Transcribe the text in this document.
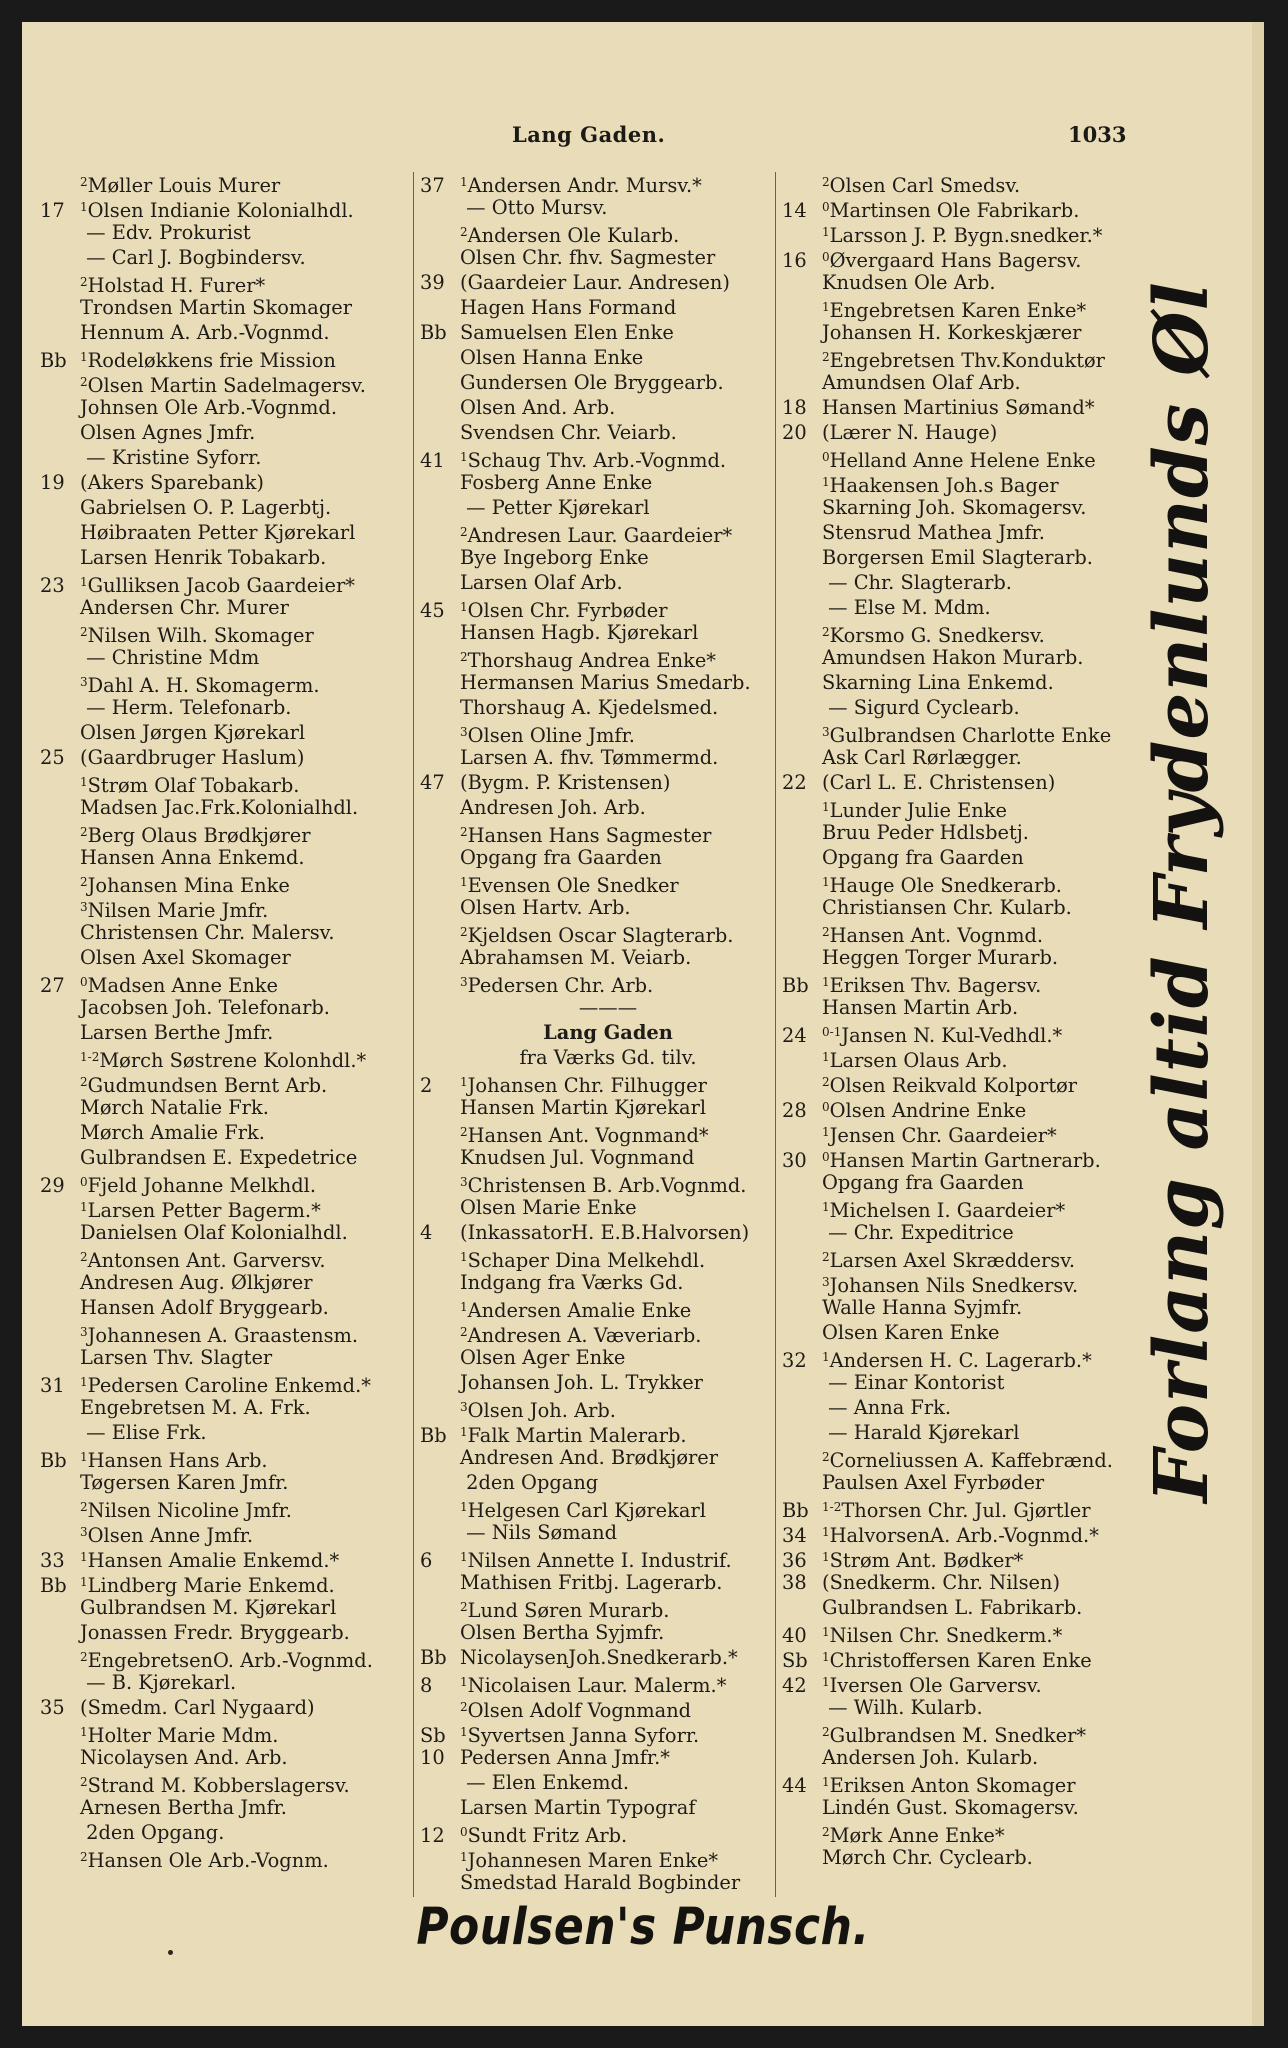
Lang Gaden.	1033
$^2$Møller Louis Murer
17 $^1$Olsen Indianie Kolonialhdl.
— Edv. Prokurist
— Carl J. Bogbindersv.
$^2$Holstad H. Furer*
Trondsen Martin Skomager
Hennum A. Arb.-Vognmd.
Bb $^1$Rodeløkkens frie Mission
$^2$Olsen Martin Sadelmagersv.
Johnsen Ole Arb.-Vognmd.
Olsen Agnes Jmfr.
— Kristine Syforr.
19 (Akers Sparebank)
Gabrielsen O. P. Lagerbtj.
Høibraaten Petter Kjørekarl
Larsen Henrik Tobakarb.
23 $^1$Gulliksen Jacob Gaardeier*
Andersen Chr. Murer
$^2$Nilsen Wilh. Skomager
— Christine Mdm
$^3$Dahl A. H. Skomagerm.
— Herm. Telefonarb.
Olsen Jørgen Kjørekarl
25 (Gaardbruger Haslum)
$^1$Strøm Olaf Tobakarb.
Madsen Jac.Frk.Kolonialhdl.
$^2$Berg Olaus Brødkjører
Hansen Anna Enkemd.
$^2$Johansen Mina Enke
$^3$Nilsen Marie Jmfr.
Christensen Chr. Malersv.
Olsen Axel Skomager
27 $^0$Madsen Anne Enke
Jacobsen Joh. Telefonarb.
Larsen Berthe Jmfr.
$^{1-2}$Mørch Søstrene Kolonhdl.*
$^2$Gudmundsen Bernt Arb.
Mørch Natalie Frk.
Mørch Amalie Frk.
Gulbrandsen E. Expedetrice
29 $^0$Fjeld Johanne Melkhdl.
$^1$Larsen Petter Bagerm.*
Danielsen Olaf Kolonialhdl.
$^2$Antonsen Ant. Garversv.
Andresen Aug. Ølkjører
Hansen Adolf Bryggearb.
$^3$Johannesen A. Graastensm.
Larsen Thv. Slagter
31 $^1$Pedersen Caroline Enkemd.*
Engebretsen M. A. Frk.
— Elise Frk.
Bb $^1$Hansen Hans Arb.
Tøgersen Karen Jmfr.
$^2$Nilsen Nicoline Jmfr.
$^3$Olsen Anne Jmfr.
33 $^1$Hansen Amalie Enkemd.*
Bb $^1$Lindberg Marie Enkemd.
Gulbrandsen M. Kjørekarl
Jonassen Fredr. Bryggearb.
$^2$EngebretsenO. Arb.-Vognmd.
— B. Kjørekarl.
35 (Smedm. Carl Nygaard)
$^1$Holter Marie Mdm.
Nicolaysen And. Arb.
$^2$Strand M. Kobberslagersv.
Arnesen Bertha Jmfr.
2den Opgang.
$^2$Hansen Ole Arb.-Vognm.
37 $^1$Andersen Andr. Mursv.*
— Otto Mursv.
$^2$Andersen Ole Kularb.
Olsen Chr. fhv. Sagmester
39 (Gaardeier Laur. Andresen)
Hagen Hans Formand
Bb Samuelsen Elen Enke
Olsen Hanna Enke
Gundersen Ole Bryggearb.
Olsen And. Arb.
Svendsen Chr. Veiarb.
41 $^1$Schaug Thv. Arb.-Vognmd.
Fosberg Anne Enke
— Petter Kjørekarl
$^2$Andresen Laur. Gaardeier*
Bye Ingeborg Enke
Larsen Olaf Arb.
45 $^1$Olsen Chr. Fyrbøder
Hansen Hagb. Kjørekarl
$^2$Thorshaug Andrea Enke*
Hermansen Marius Smedarb.
Thorshaug A. Kjedelsmed.
$^3$Olsen Oline Jmfr.
Larsen A. fhv. Tømmermd.
47 (Bygm. P. Kristensen)
Andresen Joh. Arb.
$^2$Hansen Hans Sagmester
Opgang fra Gaarden
$^1$Evensen Ole Snedker
Olsen Hartv. Arb.
$^2$Kjeldsen Oscar Slagterarb.
Abrahamsen M. Veiarb.
$^3$Pedersen Chr. Arb.
———
Lang Gaden
fra Værks Gd. tilv.
2 $^1$Johansen Chr. Filhugger
Hansen Martin Kjørekarl
$^2$Hansen Ant. Vognmand*
Knudsen Jul. Vognmand
$^3$Christensen B. Arb.Vognmd.
Olsen Marie Enke
4 (InkassatorH. E.B.Halvorsen)
$^1$Schaper Dina Melkehdl.
Indgang fra Værks Gd.
$^1$Andersen Amalie Enke
$^2$Andresen A. Væveriarb.
Olsen Ager Enke
Johansen Joh. L. Trykker
$^3$Olsen Joh. Arb.
Bb $^1$Falk Martin Malerarb.
Andresen And. Brødkjører
2den Opgang
$^1$Helgesen Carl Kjørekarl
— Nils Sømand
6 $^1$Nilsen Annette I. Industrif.
Mathisen Fritbj. Lagerarb.
$^2$Lund Søren Murarb.
Olsen Bertha Syjmfr.
Bb NicolaysenJoh.Snedkerarb.*
8 $^1$Nicolaisen Laur. Malerm.*
$^2$Olsen Adolf Vognmand
Sb $^1$Syvertsen Janna Syforr.
10 Pedersen Anna Jmfr.*
— Elen Enkemd.
Larsen Martin Typograf
12 $^0$Sundt Fritz Arb.
$^1$Johannesen Maren Enke*
Smedstad Harald Bogbinder
$^2$Olsen Carl Smedsv.
14 $^0$Martinsen Ole Fabrikarb.
$^1$Larsson J. P. Bygn.snedker.*
16 $^0$Øvergaard Hans Bagersv.
Knudsen Ole Arb.
$^1$Engebretsen Karen Enke*
Johansen H. Korkeskjærer
$^2$Engebretsen Thv.Konduktør
Amundsen Olaf Arb.
18 Hansen Martinius Sømand*
20 (Lærer N. Hauge)
$^0$Helland Anne Helene Enke
$^1$Haakensen Joh.s Bager
Skarning Joh. Skomagersv.
Stensrud Mathea Jmfr.
Borgersen Emil Slagterarb.
— Chr. Slagterarb.
— Else M. Mdm.
$^2$Korsmo G. Snedkersv.
Amundsen Hakon Murarb.
Skarning Lina Enkemd.
— Sigurd Cyclearb.
$^3$Gulbrandsen Charlotte Enke
Ask Carl Rørlægger.
22 (Carl L. E. Christensen)
$^1$Lunder Julie Enke
Bruu Peder Hdlsbetj.
Opgang fra Gaarden
$^1$Hauge Ole Snedkerarb.
Christiansen Chr. Kularb.
$^2$Hansen Ant. Vognmd.
Heggen Torger Murarb.
Bb $^1$Eriksen Thv. Bagersv.
Hansen Martin Arb.
24 $^{0-1}$Jansen N. Kul-Vedhdl.*
$^1$Larsen Olaus Arb.
$^2$Olsen Reikvald Kolportør
28 $^0$Olsen Andrine Enke
$^1$Jensen Chr. Gaardeier*
30 $^0$Hansen Martin Gartnerarb.
Opgang fra Gaarden
$^1$Michelsen I. Gaardeier*
— Chr. Expeditrice
$^2$Larsen Axel Skræddersv.
$^3$Johansen Nils Snedkersv.
Walle Hanna Syjmfr.
Olsen Karen Enke
32 $^1$Andersen H. C. Lagerarb.*
— Einar Kontorist
— Anna Frk.
— Harald Kjørekarl
$^2$Corneliussen A. Kaffebrænd.
Paulsen Axel Fyrbøder
Bb $^{1-2}$Thorsen Chr. Jul. Gjørtler
34 $^1$HalvorsenA. Arb.-Vognmd.*
36 $^1$Strøm Ant. Bødker*
38 (Snedkerm. Chr. Nilsen)
Gulbrandsen L. Fabrikarb.
40 $^1$Nilsen Chr. Snedkerm.*
Sb $^1$Christoffersen Karen Enke
42 $^1$Iversen Ole Garversv.
— Wilh. Kularb.
$^2$Gulbrandsen M. Snedker*
Andersen Joh. Kularb.
44 $^1$Eriksen Anton Skomager
Lindén Gust. Skomagersv.
$^2$Mørk Anne Enke*
Mørch Chr. Cyclearb.
Forlang altid Frydenlunds Øl
Poulsen's Punsch.
